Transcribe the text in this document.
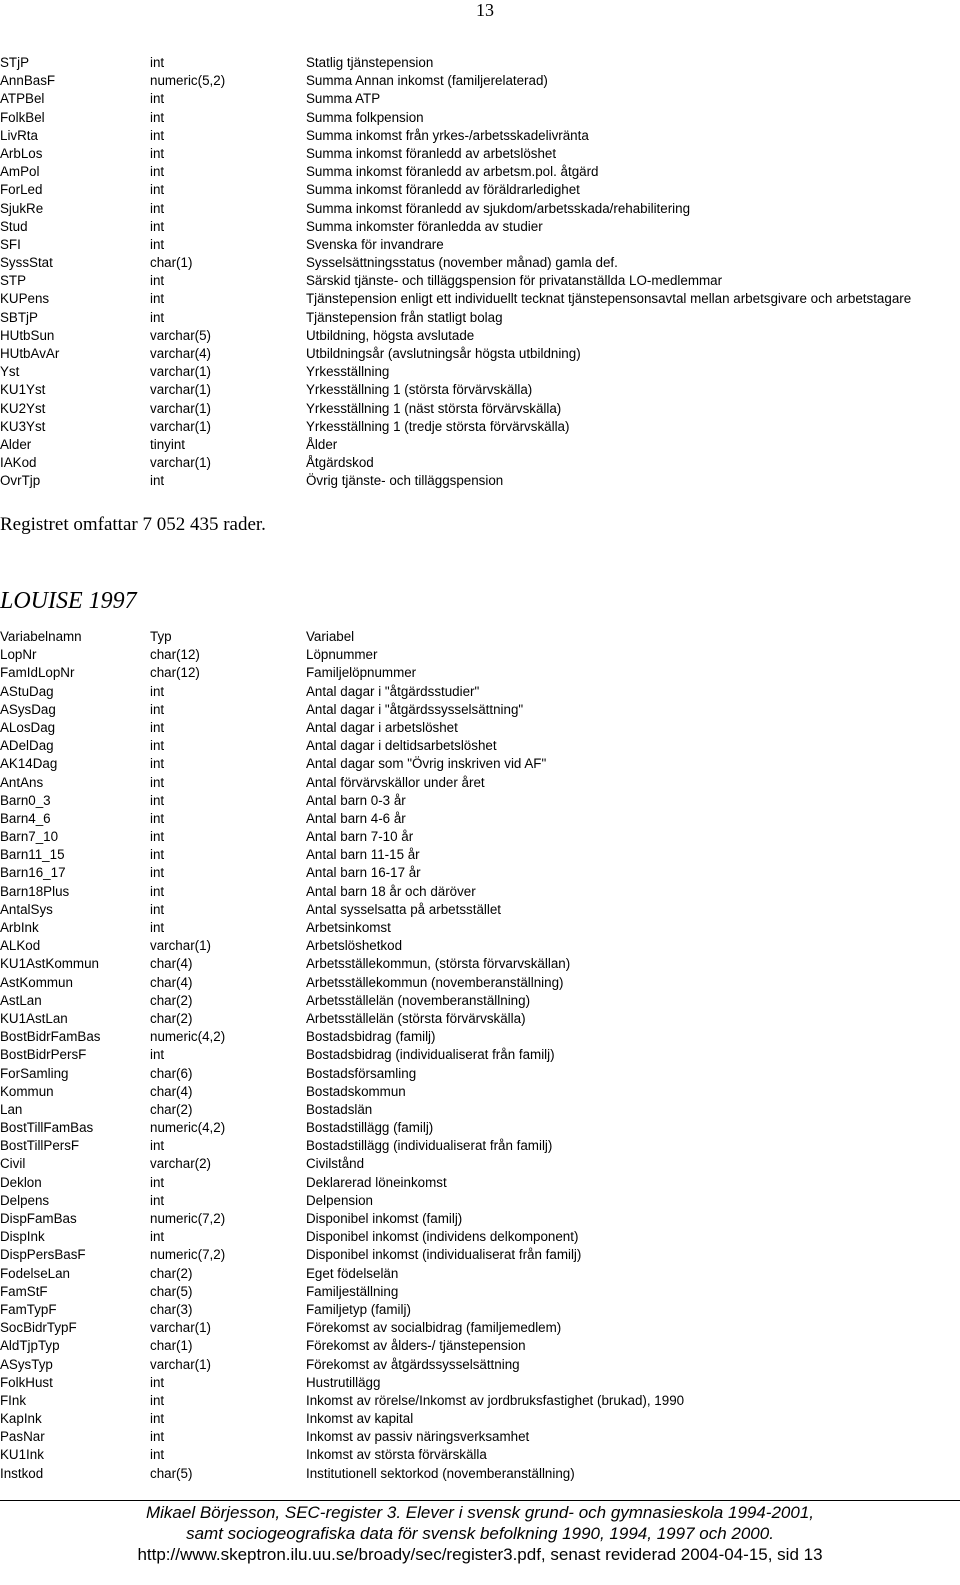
13
STjP	int	Statlig tjänstepension
AnnBasF	numeric(5,2)	Summa Annan inkomst (familjerelaterad)
ATPBel	int	Summa ATP
FolkBel	int	Summa folkpension
LivRta	int	Summa inkomst från yrkes-/arbetsskadelivränta
ArbLos	int	Summa inkomst föranledd av arbetslöshet
AmPol	int	Summa inkomst föranledd av arbetsm.pol. åtgärd
ForLed	int	Summa inkomst föranledd av föräldrarledighet
SjukRe	int	Summa inkomst föranledd av sjukdom/arbetsskada/rehabilitering
Stud	int	Summa inkomster föranledda av studier
SFI	int	Svenska för invandrare
SyssStat	char(1)	Sysselsättningsstatus (november månad) gamla def.
STP	int	Särskid tjänste- och tilläggspension för privatanställda LO-medlemmar
KUPens	int	Tjänstepension enligt ett individuellt tecknat tjänstepensonsavtal mellan arbetsgivare och arbetstagare
SBTjP	int	Tjänstepension från statligt bolag
HUtbSun	varchar(5)	Utbildning, högsta avslutade
HUtbAvAr	varchar(4)	Utbildningsår (avslutningsår högsta utbildning)
Yst	varchar(1)	Yrkesställning
KU1Yst	varchar(1)	Yrkesställning 1 (största förvärvskälla)
KU2Yst	varchar(1)	Yrkesställning 1 (näst största förvärvskälla)
KU3Yst	varchar(1)	Yrkesställning 1 (tredje största förvärvskälla)
Alder	tinyint	Ålder
IAKod	varchar(1)	Åtgärdskod
OvrTjp	int	Övrig tjänste- och tilläggspension
Registret omfattar 7 052 435 rader.
LOUISE 1997
Variabelnamn	Typ	Variabel
LopNr	char(12)	Löpnummer
FamIdLopNr	char(12)	Familjelöpnummer
AStuDag	int	Antal dagar i "åtgärdsstudier"
ASysDag	int	Antal dagar i "åtgärdssysselsättning"
ALosDag	int	Antal dagar i arbetslöshet
ADelDag	int	Antal dagar i deltidsarbetslöshet
AK14Dag	int	Antal dagar som "Övrig inskriven vid AF"
AntAns	int	Antal förvärvskällor under året
Barn0_3	int	Antal barn 0-3 år
Barn4_6	int	Antal barn 4-6 år
Barn7_10	int	Antal barn 7-10 år
Barn11_15	int	Antal barn 11-15 år
Barn16_17	int	Antal barn 16-17 år
Barn18Plus	int	Antal barn 18 år och däröver
AntalSys	int	Antal sysselsatta på arbetsstället
ArbInk	int	Arbetsinkomst
ALKod	varchar(1)	Arbetslöshetkod
KU1AstKommun	char(4)	Arbetsställekommun, (största förvarvskällan)
AstKommun	char(4)	Arbetsställekommun (novemberanställning)
AstLan	char(2)	Arbetsställelän (novemberanställning)
KU1AstLan	char(2)	Arbetsställelän (största förvärvskälla)
BostBidrFamBas	numeric(4,2)	Bostadsbidrag (familj)
BostBidrPersF	int	Bostadsbidrag (individualiserat från familj)
ForSamling	char(6)	Bostadsförsamling
Kommun	char(4)	Bostadskommun
Lan	char(2)	Bostadslän
BostTillFamBas	numeric(4,2)	Bostadstillägg (familj)
BostTillPersF	int	Bostadstillägg (individualiserat från familj)
Civil	varchar(2)	Civilstånd
Deklon	int	Deklarerad löneinkomst
Delpens	int	Delpension
DispFamBas	numeric(7,2)	Disponibel inkomst (familj)
DispInk	int	Disponibel inkomst (individens delkomponent)
DispPersBasF	numeric(7,2)	Disponibel inkomst (individualiserat från familj)
FodelseLan	char(2)	Eget födelselän
FamStF	char(5)	Familjeställning
FamTypF	char(3)	Familjetyp (familj)
SocBidrTypF	varchar(1)	Förekomst av socialbidrag (familjemedlem)
AldTjpTyp	char(1)	Förekomst av ålders-/ tjänstepension
ASysTyp	varchar(1)	Förekomst av åtgärdssysselsättning
FolkHust	int	Hustrutillägg
FInk	int	Inkomst av rörelse/Inkomst av jordbruksfastighet (brukad), 1990
KapInk	int	Inkomst av kapital
PasNar	int	Inkomst av passiv näringsverksamhet
KU1Ink	int	Inkomst av största förvärskälla
Instkod	char(5)	Institutionell sektorkod (novemberanställning)
Mikael Börjesson, SEC-register 3. Elever i svensk grund- och gymnasieskola 1994-2001,
samt sociogeografiska data för svensk befolkning 1990, 1994, 1997 och 2000.
http://www.skeptron.ilu.uu.se/broady/sec/register3.pdf, senast reviderad 2004-04-15, sid 13
